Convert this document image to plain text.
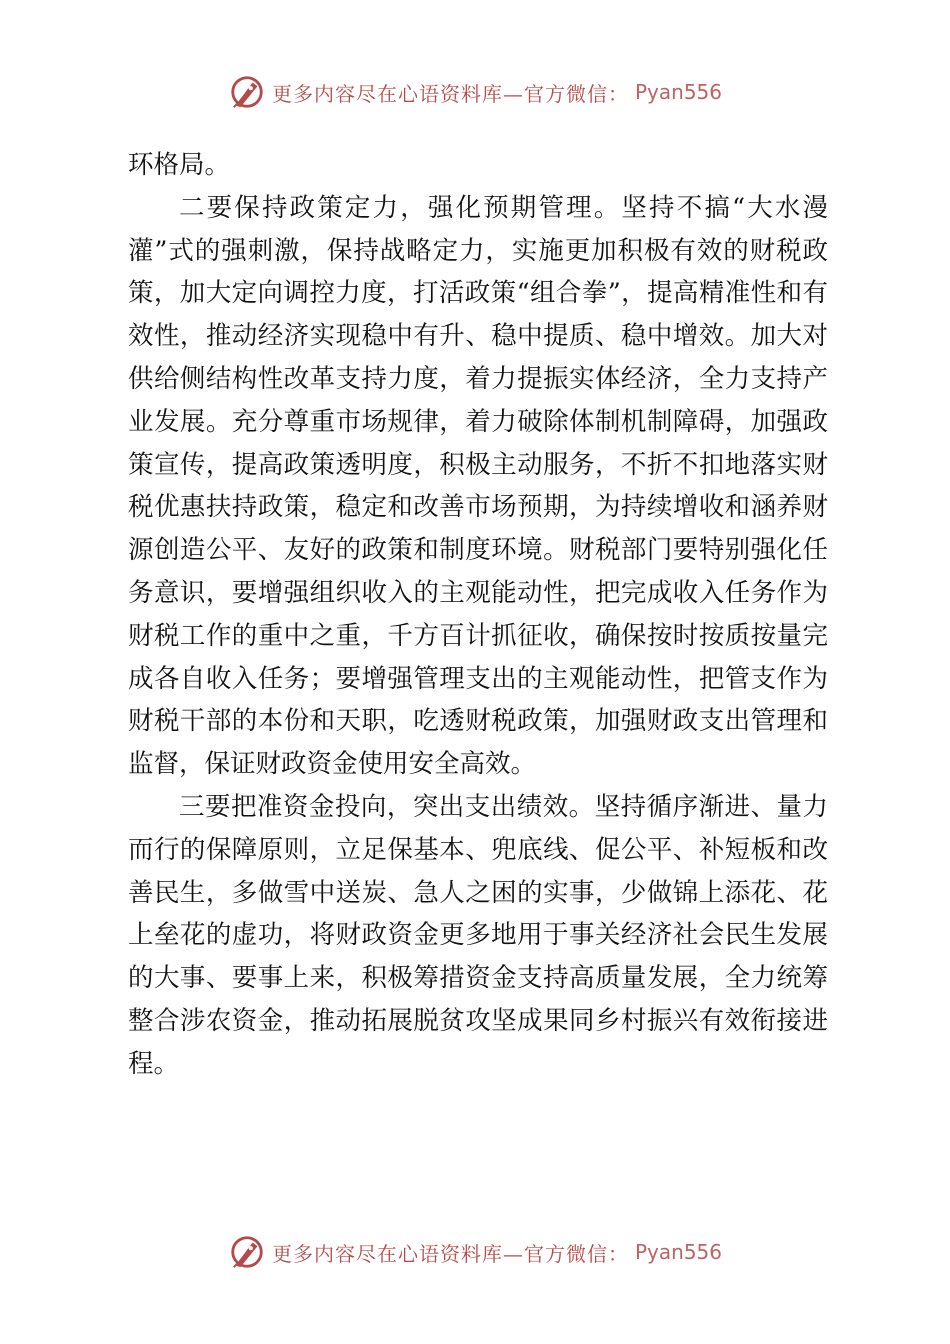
更多内容尽在心语资料库—官方微信： Pyan556

环格局。

二要保持政策定力，强化预期管理。坚持不搞“大水漫灌”式的强刺激，保持战略定力，实施更加积极有效的财税政策，加大定向调控力度，打活政策“组合拳”，提高精准性和有效性，推动经济实现稳中有升、稳中提质、稳中增效。加大对供给侧结构性改革支持力度，着力提振实体经济，全力支持产业发展。充分尊重市场规律，着力破除体制机制障碍，加强政策宣传，提高政策透明度，积极主动服务，不折不扣地落实财税优惠扶持政策，稳定和改善市场预期，为持续增收和涵养财源创造公平、友好的政策和制度环境。财税部门要特别强化任务意识，要增强组织收入的主观能动性，把完成收入任务作为财税工作的重中之重，千方百计抓征收，确保按时按质按量完成各自收入任务；要增强管理支出的主观能动性，把管支作为财税干部的本份和天职，吃透财税政策，加强财政支出管理和监督，保证财政资金使用安全高效。

三要把准资金投向，突出支出绩效。坚持循序渐进、量力而行的保障原则，立足保基本、兜底线、促公平、补短板和改善民生，多做雪中送炭、急人之困的实事，少做锦上添花、花上垒花的虚功，将财政资金更多地用于事关经济社会民生发展的大事、要事上来，积极筹措资金支持高质量发展，全力统筹整合涉农资金，推动拓展脱贫攻坚成果同乡村振兴有效衔接进程。

更多内容尽在心语资料库—官方微信： Pyan556
